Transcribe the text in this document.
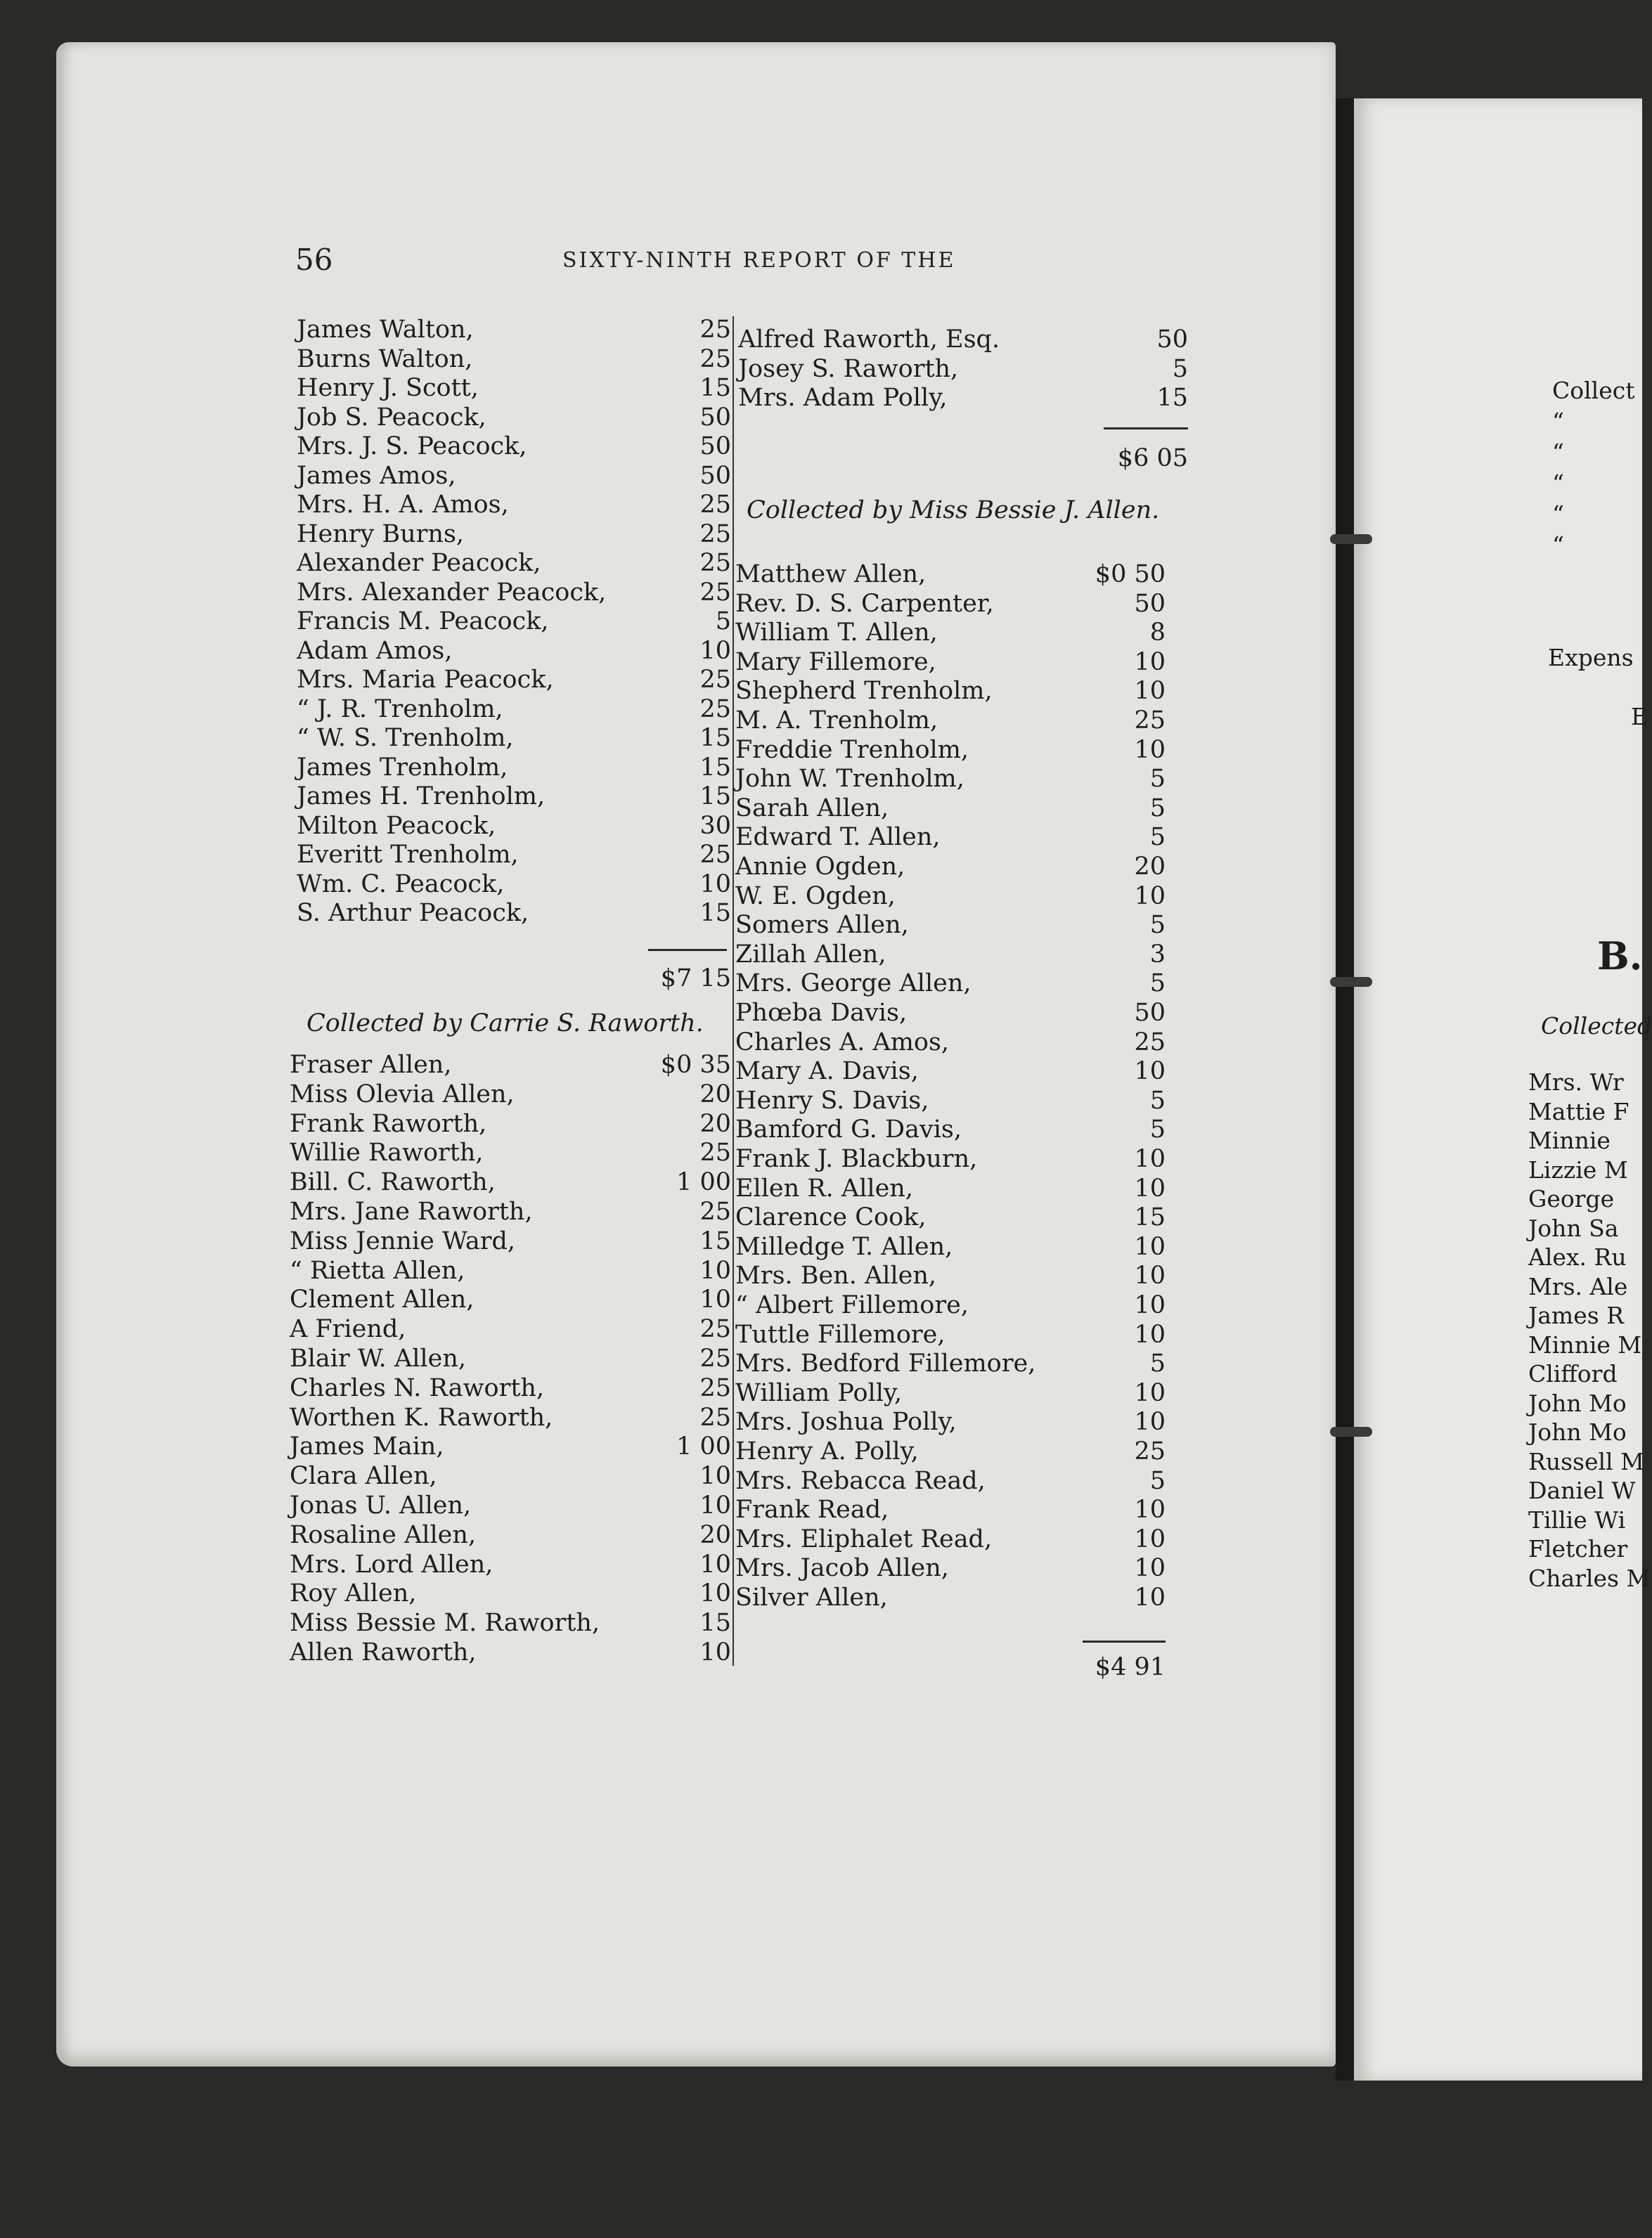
56	SIXTY-NINTH REPORT OF THE
James Walton,	25
Burns Walton,	25
Henry J. Scott,	15
Job S. Peacock,	50
Mrs. J. S. Peacock,	50
James Amos,	50
Mrs. H. A. Amos,	25
Henry Burns,	25
Alexander Peacock,	25
Mrs. Alexander Peacock,	25
Francis M. Peacock,	5
Adam Amos,	10
Mrs. Maria Peacock,	25
“ J. R. Trenholm,	25
“ W. S. Trenholm,	15
James Trenholm,	15
James H. Trenholm,	15
Milton Peacock,	30
Everitt Trenholm,	25
Wm. C. Peacock,	10
S. Arthur Peacock,	15
$7 15
Collected by Carrie S. Raworth.
Fraser Allen,	$0 35
Miss Olevia Allen,	20
Frank Raworth,	20
Willie Raworth,	25
Bill. C. Raworth,	1 00
Mrs. Jane Raworth,	25
Miss Jennie Ward,	15
“ Rietta Allen,	10
Clement Allen,	10
A Friend,	25
Blair W. Allen,	25
Charles N. Raworth,	25
Worthen K. Raworth,	25
James Main,	1 00
Clara Allen,	10
Jonas U. Allen,	10
Rosaline Allen,	20
Mrs. Lord Allen,	10
Roy Allen,	10
Miss Bessie M. Raworth,	15
Allen Raworth,	10
Alfred Raworth, Esq.	50
Josey S. Raworth,	5
Mrs. Adam Polly,	15
$6 05
Collected by Miss Bessie J. Allen.
Matthew Allen,	$0 50
Rev. D. S. Carpenter,	50
William T. Allen,	8
Mary Fillemore,	10
Shepherd Trenholm,	10
M. A. Trenholm,	25
Freddie Trenholm,	10
John W. Trenholm,	5
Sarah Allen,	5
Edward T. Allen,	5
Annie Ogden,	20
W. E. Ogden,	10
Somers Allen,	5
Zillah Allen,	3
Mrs. George Allen,	5
Phœba Davis,	50
Charles A. Amos,	25
Mary A. Davis,	10
Henry S. Davis,	5
Bamford G. Davis,	5
Frank J. Blackburn,	10
Ellen R. Allen,	10
Clarence Cook,	15
Milledge T. Allen,	10
Mrs. Ben. Allen,	10
“ Albert Fillemore,	10
Tuttle Fillemore,	10
Mrs. Bedford Fillemore,	5
William Polly,	10
Mrs. Joshua Polly,	10
Henry A. Polly,	25
Mrs. Rebacca Read,	5
Frank Read,	10
Mrs. Eliphalet Read,	10
Mrs. Jacob Allen,	10
Silver Allen,	10
$4 91
Collect
“
“
“
“
“
Expens
E
B.
Collected
Mrs. Wr
Mattie F
Minnie
Lizzie M
George
John Sa
Alex. Ru
Mrs. Ale
James R
Minnie M
Clifford
John Mo
John Mo
Russell M
Daniel W
Tillie Wi
Fletcher
Charles M
